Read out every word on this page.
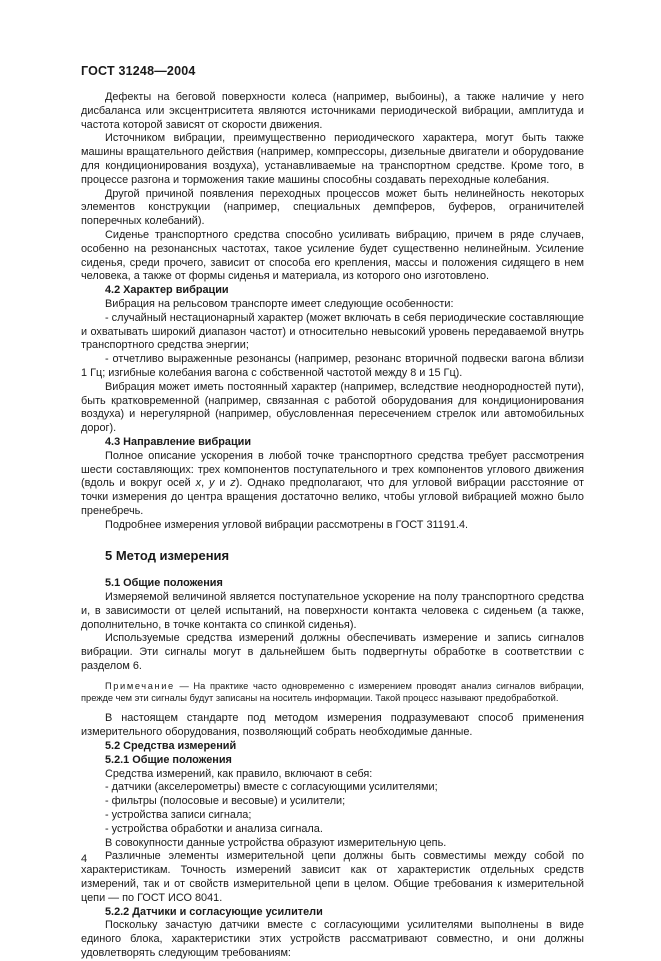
ГОСТ 31248—2004

Дефекты на беговой поверхности колеса (например, выбоины), а также наличие у него дисбаланса или эксцентриситета являются источниками периодической вибрации, амплитуда и частота которой зависят от скорости движения.

Источником вибрации, преимущественно периодического характера, могут быть также машины вращательного действия (например, компрессоры, дизельные двигатели и оборудование для кондиционирования воздуха), устанавливаемые на транспортном средстве. Кроме того, в процессе разгона и торможения такие машины способны создавать переходные колебания.

Другой причиной появления переходных процессов может быть нелинейность некоторых элементов конструкции (например, специальных демпферов, буферов, ограничителей поперечных колебаний).

Сиденье транспортного средства способно усиливать вибрацию, причем в ряде случаев, особенно на резонансных частотах, такое усиление будет существенно нелинейным. Усиление сиденья, среди прочего, зависит от способа его крепления, массы и положения сидящего в нем человека, а также от формы сиденья и материала, из которого оно изготовлено.

4.2 Характер вибрации

Вибрация на рельсовом транспорте имеет следующие особенности:

- случайный нестационарный характер (может включать в себя периодические составляющие и охватывать широкий диапазон частот) и относительно невысокий уровень передаваемой внутрь транспортного средства энергии;

- отчетливо выраженные резонансы (например, резонанс вторичной подвески вагона вблизи 1 Гц; изгибные колебания вагона с собственной частотой между 8 и 15 Гц).

Вибрация может иметь постоянный характер (например, вследствие неоднородностей пути), быть кратковременной (например, связанная с работой оборудования для кондиционирования воздуха) и нерегулярной (например, обусловленная пересечением стрелок или автомобильных дорог).

4.3 Направление вибрации

Полное описание ускорения в любой точке транспортного средства требует рассмотрения шести составляющих: трех компонентов поступательного и трех компонентов углового движения (вдоль и вокруг осей x, y и z). Однако предполагают, что для угловой вибрации расстояние от точки измерения до центра вращения достаточно велико, чтобы угловой вибрацией можно было пренебречь.

Подробнее измерения угловой вибрации рассмотрены в ГОСТ 31191.4.

5 Метод измерения

5.1 Общие положения

Измеряемой величиной является поступательное ускорение на полу транспортного средства и, в зависимости от целей испытаний, на поверхности контакта человека с сиденьем (а также, дополнительно, в точке контакта со спинкой сиденья).

Используемые средства измерений должны обеспечивать измерение и запись сигналов вибрации. Эти сигналы могут в дальнейшем быть подвергнуты обработке в соответствии с разделом 6.

Примечание — На практике часто одновременно с измерением проводят анализ сигналов вибрации, прежде чем эти сигналы будут записаны на носитель информации. Такой процесс называют предобработкой.

В настоящем стандарте под методом измерения подразумевают способ применения измерительного оборудования, позволяющий собрать необходимые данные.

5.2 Средства измерений

5.2.1 Общие положения

Средства измерений, как правило, включают в себя:

- датчики (акселерометры) вместе с согласующими усилителями;

- фильтры (полосовые и весовые) и усилители;

- устройства записи сигнала;

- устройства обработки и анализа сигнала.

В совокупности данные устройства образуют измерительную цепь.

Различные элементы измерительной цепи должны быть совместимы между собой по характеристикам. Точность измерений зависит как от характеристик отдельных средств измерений, так и от свойств измерительной цепи в целом. Общие требования к измерительной цепи — по ГОСТ ИСО 8041.

5.2.2 Датчики и согласующие усилители

Поскольку зачастую датчики вместе с согласующими усилителями выполнены в виде единого блока, характеристики этих устройств рассматривают совместно, и они должны удовлетворять следующим требованиям:

4
